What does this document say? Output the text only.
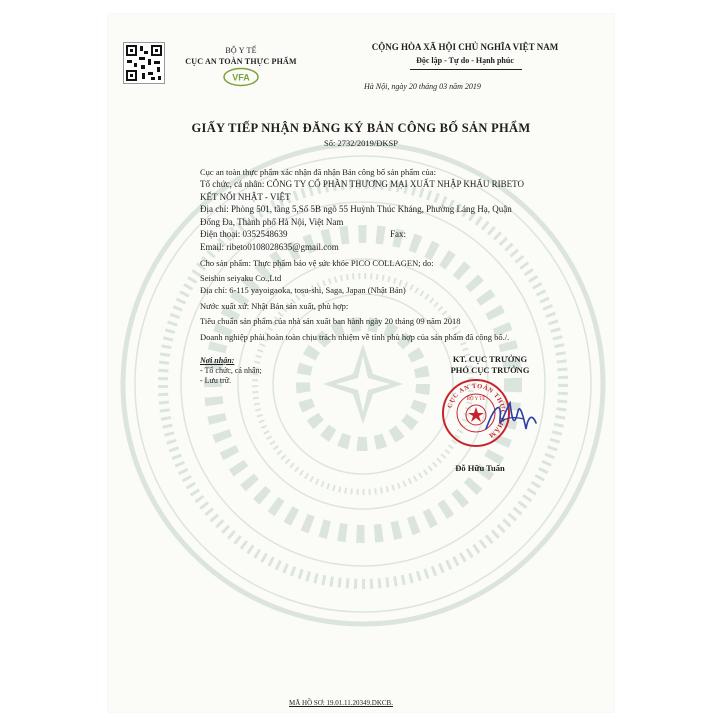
BỘ Y TẾ
CỤC AN TOÀN THỰC PHẨM
VFA
CỘNG HÒA XÃ HỘI CHỦ NGHĨA VIỆT NAM
Độc lập - Tự do - Hạnh phúc
Hà Nội, ngày 20 tháng 03 năm 2019
GIẤY TIẾP NHẬN ĐĂNG KÝ BẢN CÔNG BỐ SẢN PHẨM
Số: 2732/2019/ĐKSP
Cục an toàn thực phẩm xác nhận đã nhận Bản công bố sản phẩm của:
Tổ chức, cá nhân: CÔNG TY CỔ PHẦN THƯƠNG MẠI XUẤT NHẬP KHẨU RIBETO
KẾT NỐI NHẬT - VIỆT
Địa chỉ: Phòng 501, tầng 5,Số 5B ngõ 55 Huỳnh Thúc Kháng, Phường Láng Hạ, Quận
Đống Đa, Thành phố Hà Nội, Việt Nam
Điện thoại: 0352548639	Fax:
Email: ribeto0108028635@gmail.com
Cho sản phẩm: Thực phẩm bảo vệ sức khỏe PICO COLLAGEN; do:
Seishin seiyaku Co.,Ltd
Địa chỉ: 6-115 yayoigaoka, tosu-shi, Saga, Japan (Nhật Bản)
Nước xuất xứ: Nhật Bản sản xuất, phù hợp:
Tiêu chuẩn sản phẩm của nhà sản xuất ban hành ngày 20 tháng 09 năm 2018
Doanh nghiệp phải hoàn toàn chịu trách nhiệm về tính phù hợp của sản phẩm đã công bố./.
Nơi nhận:
- Tổ chức, cá nhân;
- Lưu trữ.
KT. CỤC TRƯỞNG
PHÓ CỤC TRƯỞNG
CỤC AN TOÀN THỰC PHẨM
BỘ Y TẾ
Đỗ Hữu Tuấn
MÃ HỒ SƠ: 19.01.11.20349.DKCB.
